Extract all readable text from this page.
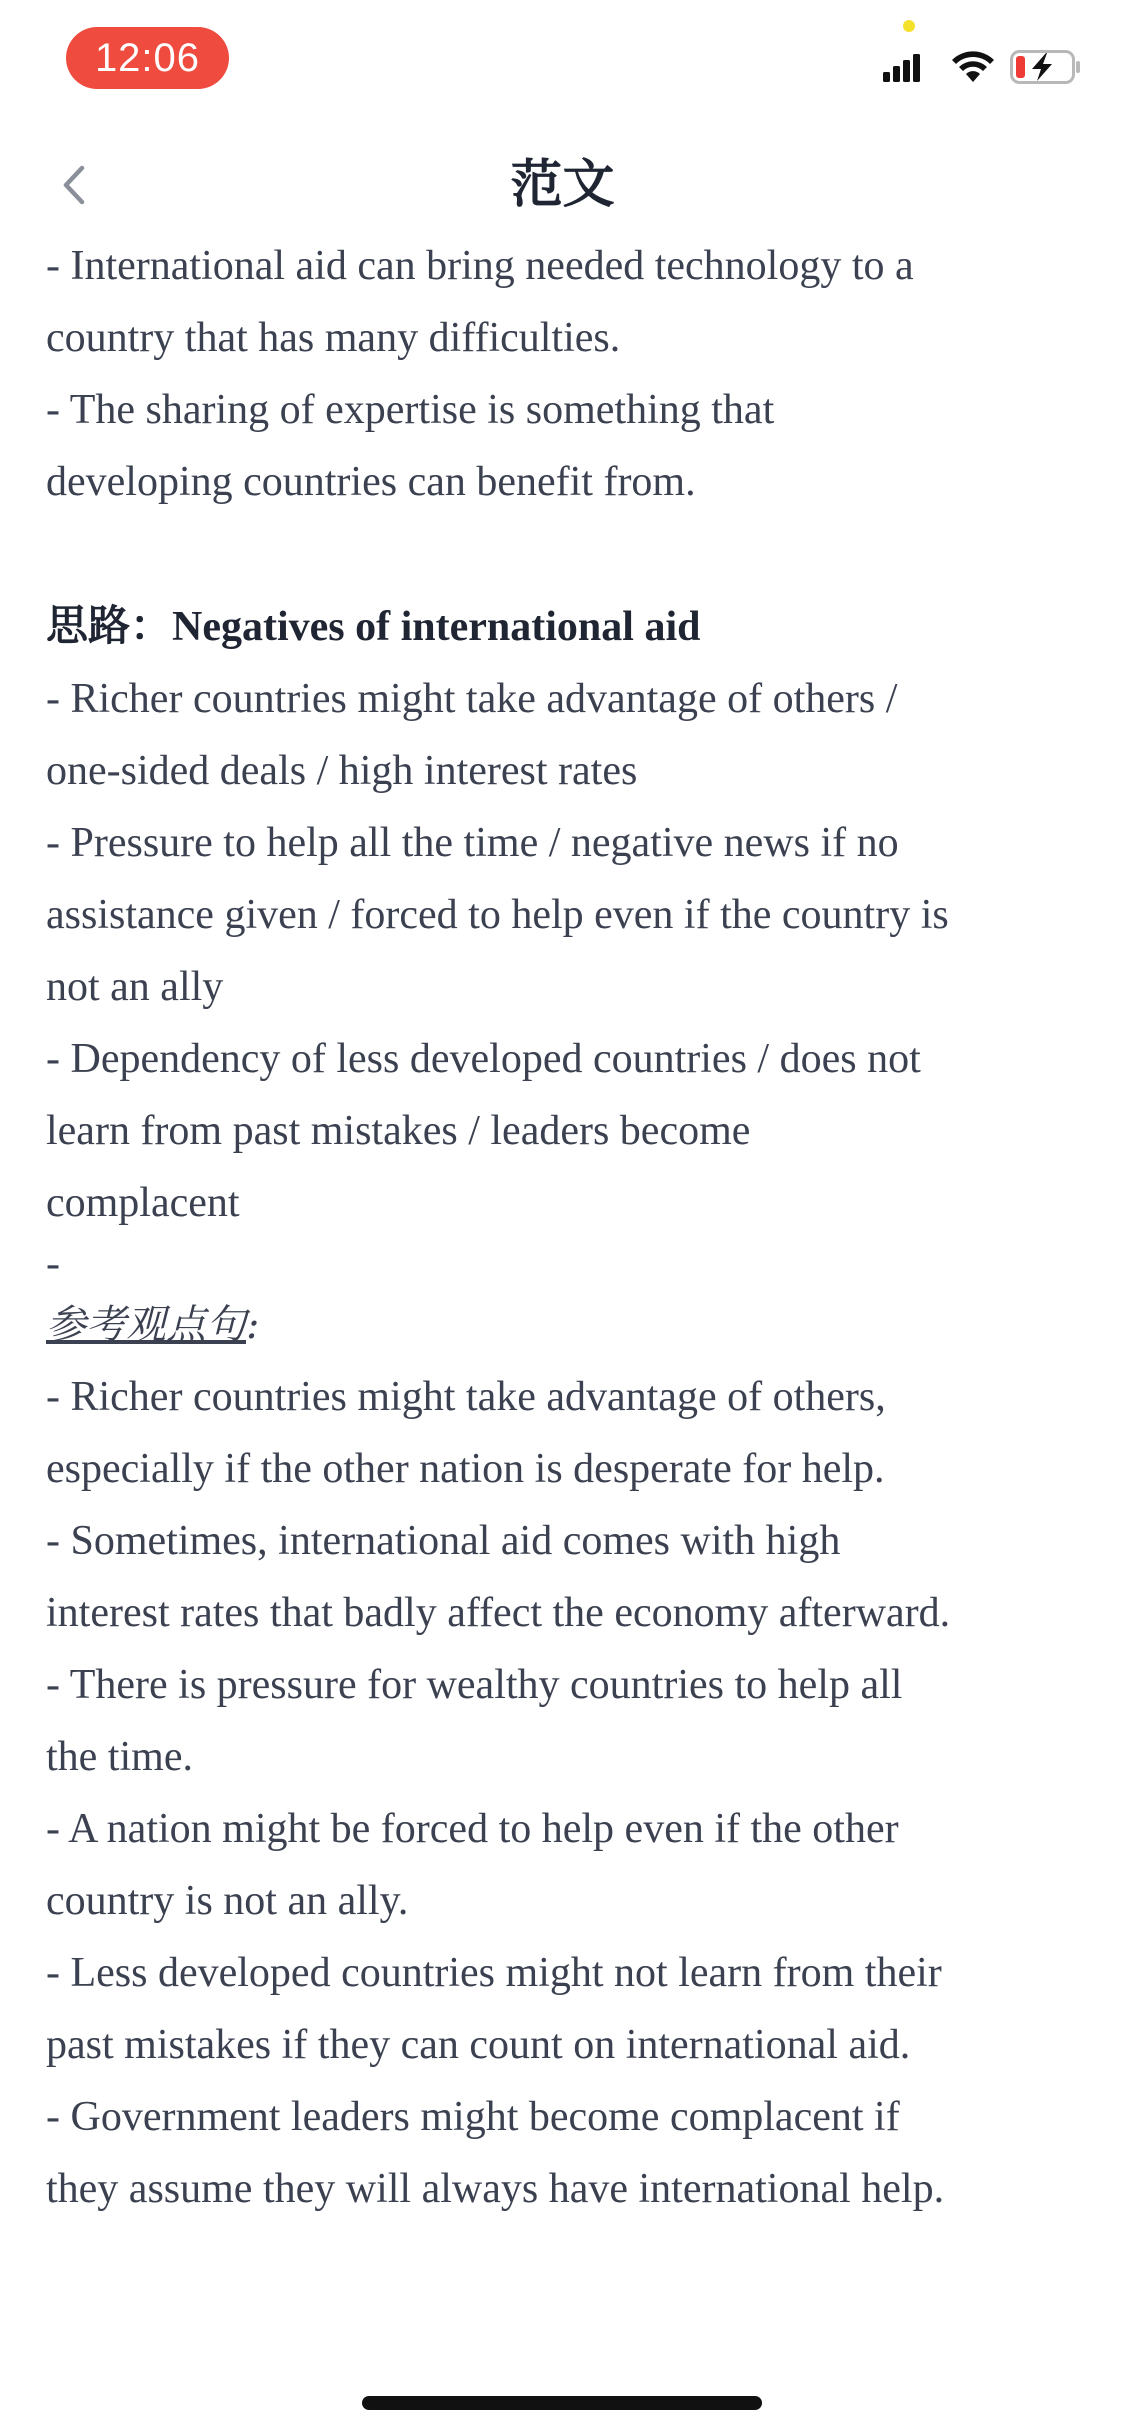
12:06
范文

- International aid can bring needed technology to a

country that has many difficulties.

- The sharing of expertise is something that

developing countries can benefit from.

思路：Negatives of international aid

- Richer countries might take advantage of others /

one-sided deals / high interest rates

- Pressure to help all the time / negative news if no

assistance given / forced to help even if the country is

not an ally

- Dependency of less developed countries / does not

learn from past mistakes / leaders become

complacent

-

参考观点句:

- Richer countries might take advantage of others,

especially if the other nation is desperate for help.

- Sometimes, international aid comes with high

interest rates that badly affect the economy afterward.

- There is pressure for wealthy countries to help all

the time.

- A nation might be forced to help even if the other

country is not an ally.

- Less developed countries might not learn from their

past mistakes if they can count on international aid.

- Government leaders might become complacent if

they assume they will always have international help.
